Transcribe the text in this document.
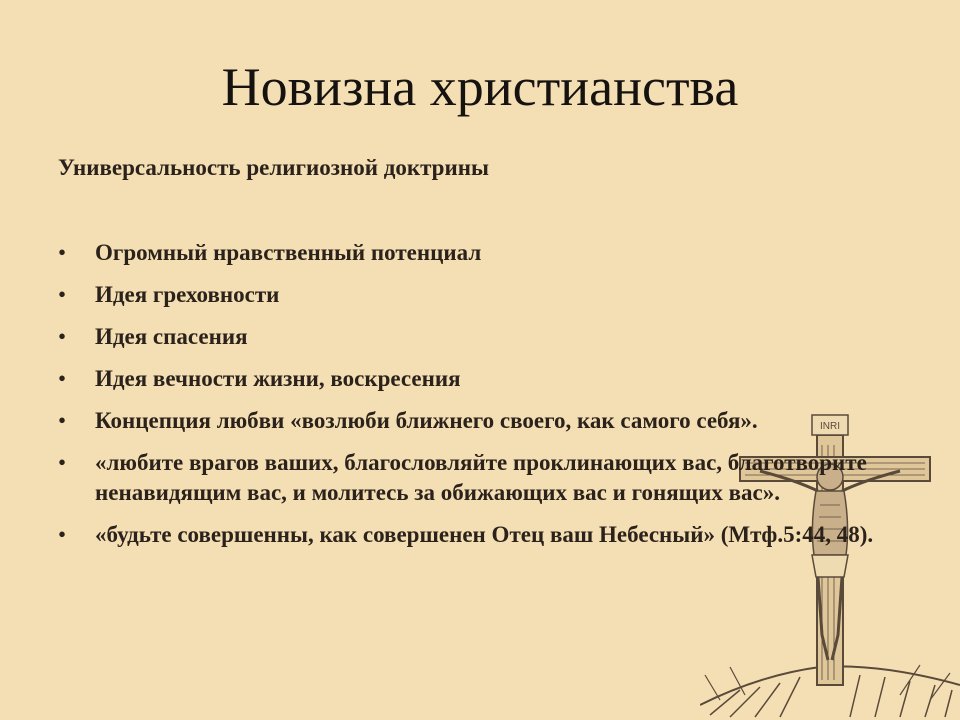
Новизна христианства

Универсальность религиозной доктрины

INRI
• Огромный нравственный потенциал
• Идея греховности
• Идея спасения
• Идея вечности жизни, воскресения
• Концепция любви «возлюби ближнего своего, как самого себя».
• «любите врагов ваших, благословляйте проклинающих вас, благотворите ненавидящим вас, и молитесь за обижающих вас и гонящих вас».
• «будьте совершенны, как совершенен Отец ваш Небесный» (Мтф.5:44, 48).
